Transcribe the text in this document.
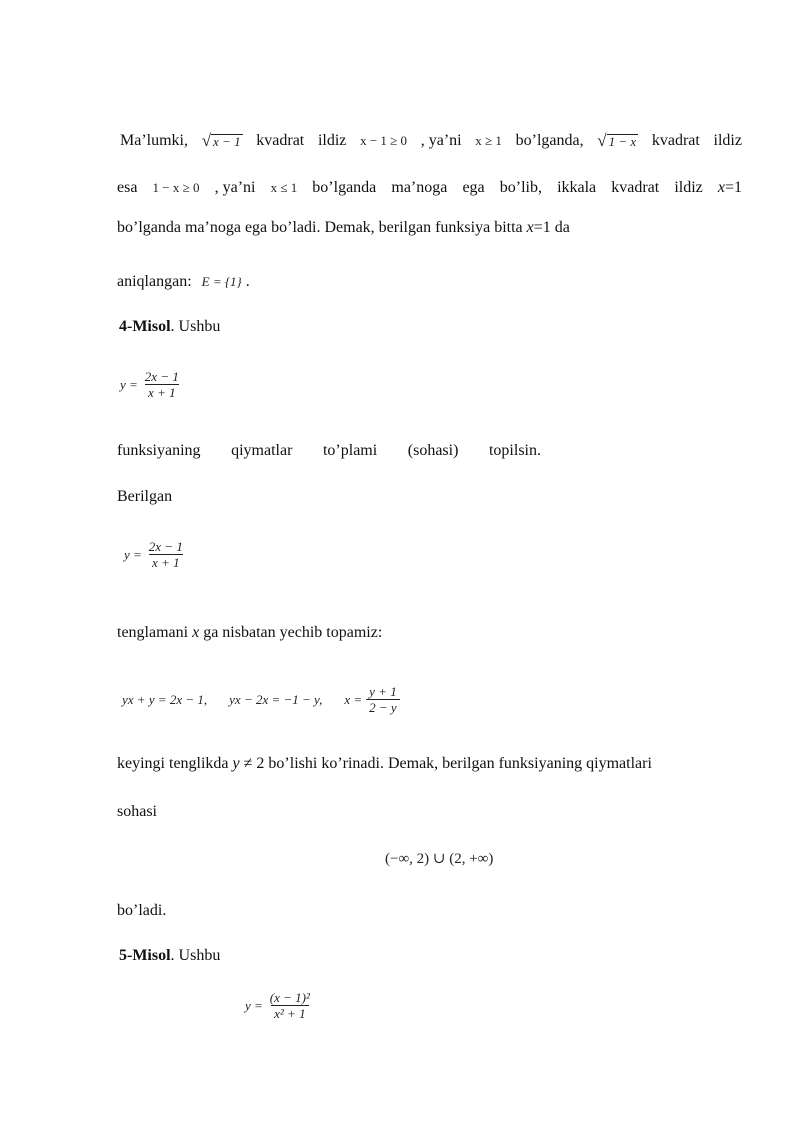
Ma’lumki, √ x − 1 kvadrat ildiz x − 1 ≥ 0 , ya’ni x ≥ 1 bo’lganda, √ 1 − x kvadrat ildiz
esa 1 − x ≥ 0 , ya’ni x ≤ 1 bo’lganda ma’noga ega bo’lib, ikkala kvadrat ildiz x=1
bo’lganda ma’noga ega bo’ladi. Demak, berilgan funksiya bitta x=1 da
aniqlangan: E = {1} .
4-Misol. Ushbu
$y = \frac{2x - 1}{x + 1}$
funksiyaning qiymatlar to’plami (sohasi) topilsin.
Berilgan
$y = \frac{2x - 1}{x + 1}$
tenglamani x ga nisbatan yechib topamiz:
yx + y = 2x − 1, yx − 2x = −1 − y, $x = \frac{y + 1}{2 - y}$
keyingi tenglikda y ≠ 2 bo’lishi ko’rinadi. Demak, berilgan funksiyaning qiymatlari
sohasi
(−∞, 2) ∪ (2, +∞)
bo’ladi.
5-Misol. Ushbu
$y = \frac{\text{(x − 1)²}}{\text{x² + 1}}$
